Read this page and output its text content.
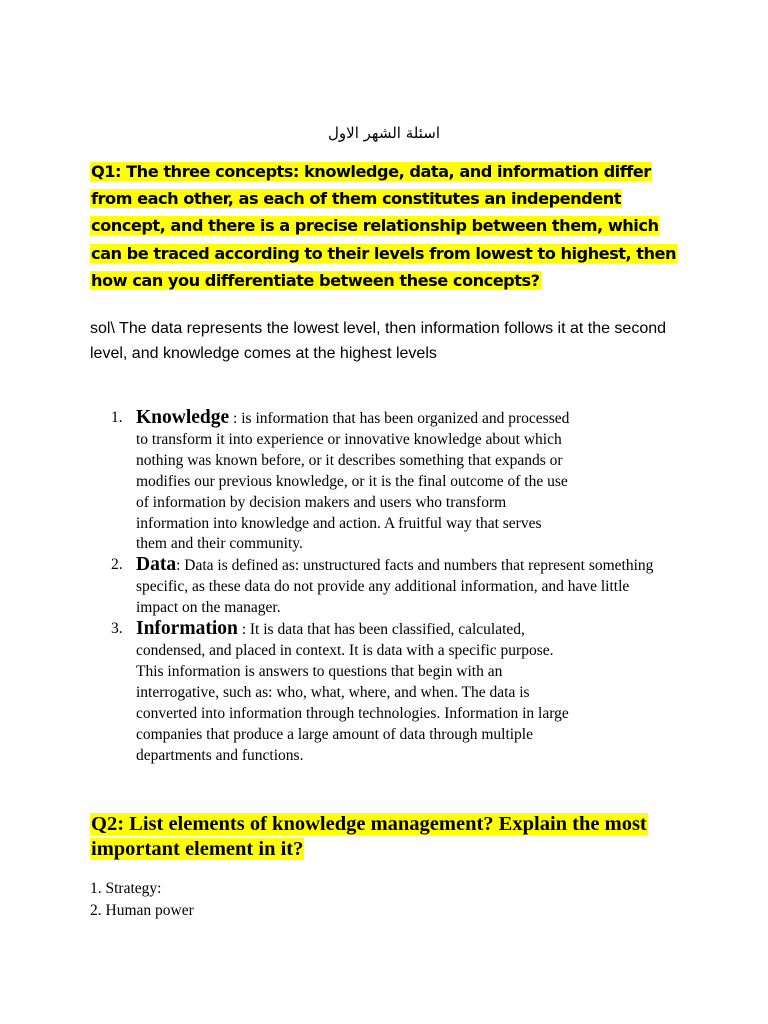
اسئلة الشهر الاول
Q1: The three concepts: knowledge, data, and information differ from each other, as each of them constitutes an independent concept, and there is a precise relationship between them, which can be traced according to their levels from lowest to highest, then how can you differentiate between these concepts?
sol\ The data represents the lowest level, then information follows it at the second level, and knowledge comes at the highest levels
1. Knowledge : is information that has been organized and processed to transform it into experience or innovative knowledge about which nothing was known before, or it describes something that expands or modifies our previous knowledge, or it is the final outcome of the use of information by decision makers and users who transform information into knowledge and action. A fruitful way that serves them and their community.
2. Data: Data is defined as: unstructured facts and numbers that represent something specific, as these data do not provide any additional information, and have little impact on the manager.
3. Information : It is data that has been classified, calculated, condensed, and placed in context. It is data with a specific purpose. This information is answers to questions that begin with an interrogative, such as: who, what, where, and when. The data is converted into information through technologies. Information in large companies that produce a large amount of data through multiple departments and functions.
Q2: List elements of knowledge management? Explain the most important element in it?
1. Strategy:
2. Human power
